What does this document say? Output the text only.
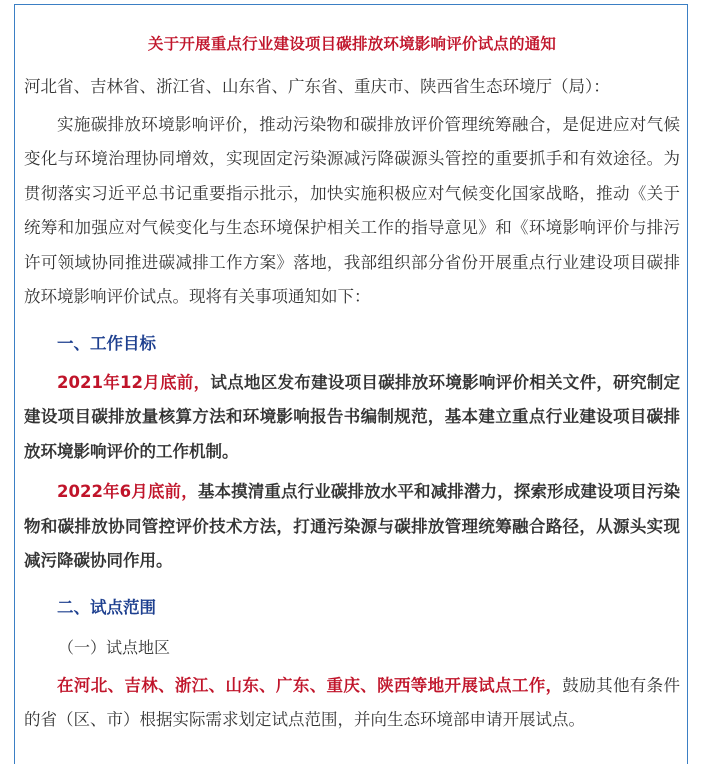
关于开展重点行业建设项目碳排放环境影响评价试点的通知

河北省、吉林省、浙江省、山东省、广东省、重庆市、陕西省生态环境厅（局）：

实施碳排放环境影响评价，推动污染物和碳排放评价管理统筹融合，是促进应对气候变化与环境治理协同增效，实现固定污染源减污降碳源头管控的重要抓手和有效途径。为贯彻落实习近平总书记重要指示批示，加快实施积极应对气候变化国家战略，推动《关于统筹和加强应对气候变化与生态环境保护相关工作的指导意见》和《环境影响评价与排污许可领域协同推进碳减排工作方案》落地，我部组织部分省份开展重点行业建设项目碳排放环境影响评价试点。现将有关事项通知如下：

一、工作目标

2021年12月底前，试点地区发布建设项目碳排放环境影响评价相关文件，研究制定建设项目碳排放量核算方法和环境影响报告书编制规范，基本建立重点行业建设项目碳排放环境影响评价的工作机制。

2022年6月底前，基本摸清重点行业碳排放水平和减排潜力，探索形成建设项目污染物和碳排放协同管控评价技术方法，打通污染源与碳排放管理统筹融合路径，从源头实现减污降碳协同作用。

二、试点范围
（一）试点地区

在河北、吉林、浙江、山东、广东、重庆、陕西等地开展试点工作，鼓励其他有条件的省（区、市）根据实际需求划定试点范围，并向生态环境部申请开展试点。
